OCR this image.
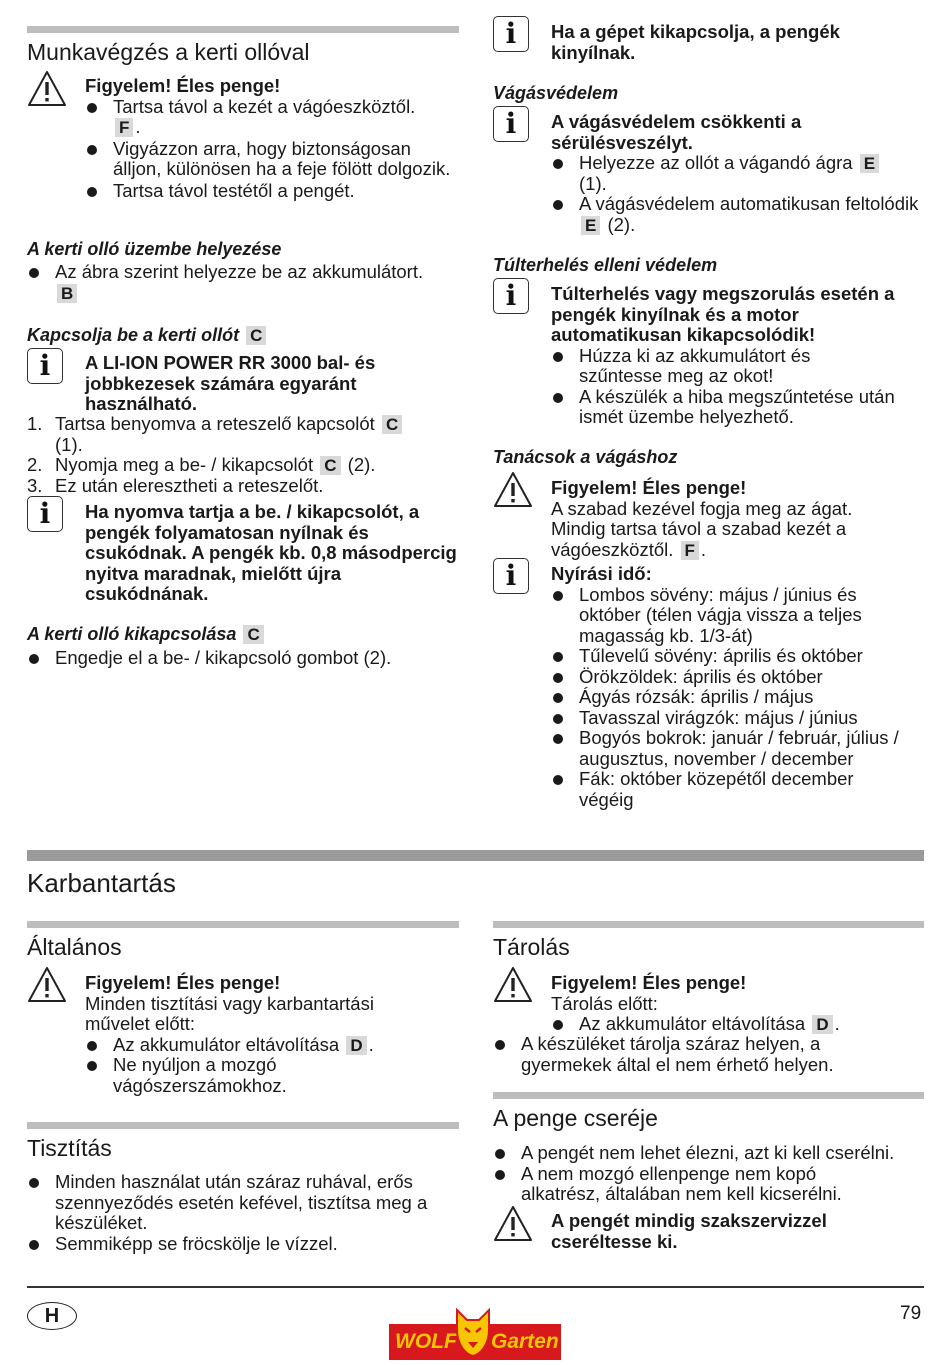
Munkavégzés a kerti ollóval

Figyelem! Éles penge!

Tartsa távol a kezét a vágóeszköztől.
F .
Vigyázzon arra, hogy biztonságosan álljon, különösen ha a feje fölött dolgozik.
Tartsa távol testétől a pengét.
A kerti olló üzembe helyezése
Az ábra szerint helyezze be az akkumulátort.
B
Kapcsolja be a kerti ollót C
i	A LI-ION POWER RR 3000 bal- és jobbkezesek számára egyaránt használható.
1. Tartsa benyomva a reteszelő kapcsolót C
(1).
2. Nyomja meg a be- / kikapcsolót C (2).
3. Ez után eleresztheti a reteszelőt.
i	Ha nyomva tartja a be. / kikapcsolót, a pengék folyamatosan nyílnak és csukódnak. A pengék kb. 0,8 másodpercig nyitva maradnak, mielőtt újra csukódnának.
A kerti olló kikapcsolása C
Engedje el a be- / kikapcsoló gombot (2).
i	Ha a gépet kikapcsolja, a pengék kinyílnak.
Vágásvédelem
i	A vágásvédelem csökkenti a sérülésveszélyt.

Helyezze az ollót a vágandó ágra E
(1).
A vágásvédelem automatikusan feltolódik
E (2).
Túlterhelés elleni védelem
i	Túlterhelés vagy megszorulás esetén a pengék kinyílnak és a motor automatikusan kikapcsolódik!

Húzza ki az akkumulátort és szűntesse meg az okot!
A készülék a hiba megszűntetése után ismét üzembe helyezhető.
Tanácsok a vágáshoz

Figyelem! Éles penge!

A szabad kezével fogja meg az ágat. Mindig tartsa távol a szabad kezét a vágóeszköztől. F .

i	Nyírási idő:

Lombos sövény: május / június és október (télen vágja vissza a teljes magasság kb. 1/3-át)
Tűlevelű sövény: április és október
Örökzöldek: április és október
Ágyás rózsák: április / május
Tavasszal virágzók: május / június
Bogyós bokrok: január / február, július / augusztus, november / december
Fák: október közepétől december végéig
Karbantartás
Általános

Figyelem! Éles penge!

Minden tisztítási vagy karbantartási művelet előtt:

Az akkumulátor eltávolítása D .
Ne nyúljon a mozgó vágószerszámokhoz.
Tisztítás
Minden használat után száraz ruhával, erős szennyeződés esetén kefével, tisztítsa meg a készüléket.
Semmiképp se fröcskölje le vízzel.
Tárolás

Figyelem! Éles penge!

Tárolás előtt:

Az akkumulátor eltávolítása D .
A készüléket tárolja száraz helyen, a gyermekek által el nem érhető helyen.
A penge cseréje
A pengét nem lehet élezni, azt ki kell cserélni.
A nem mozgó ellenpenge nem kopó alkatrész, általában nem kell kicserélni.
A pengét mindig szakszervizzel cseréltesse ki.
H	79
WOLF Garten
